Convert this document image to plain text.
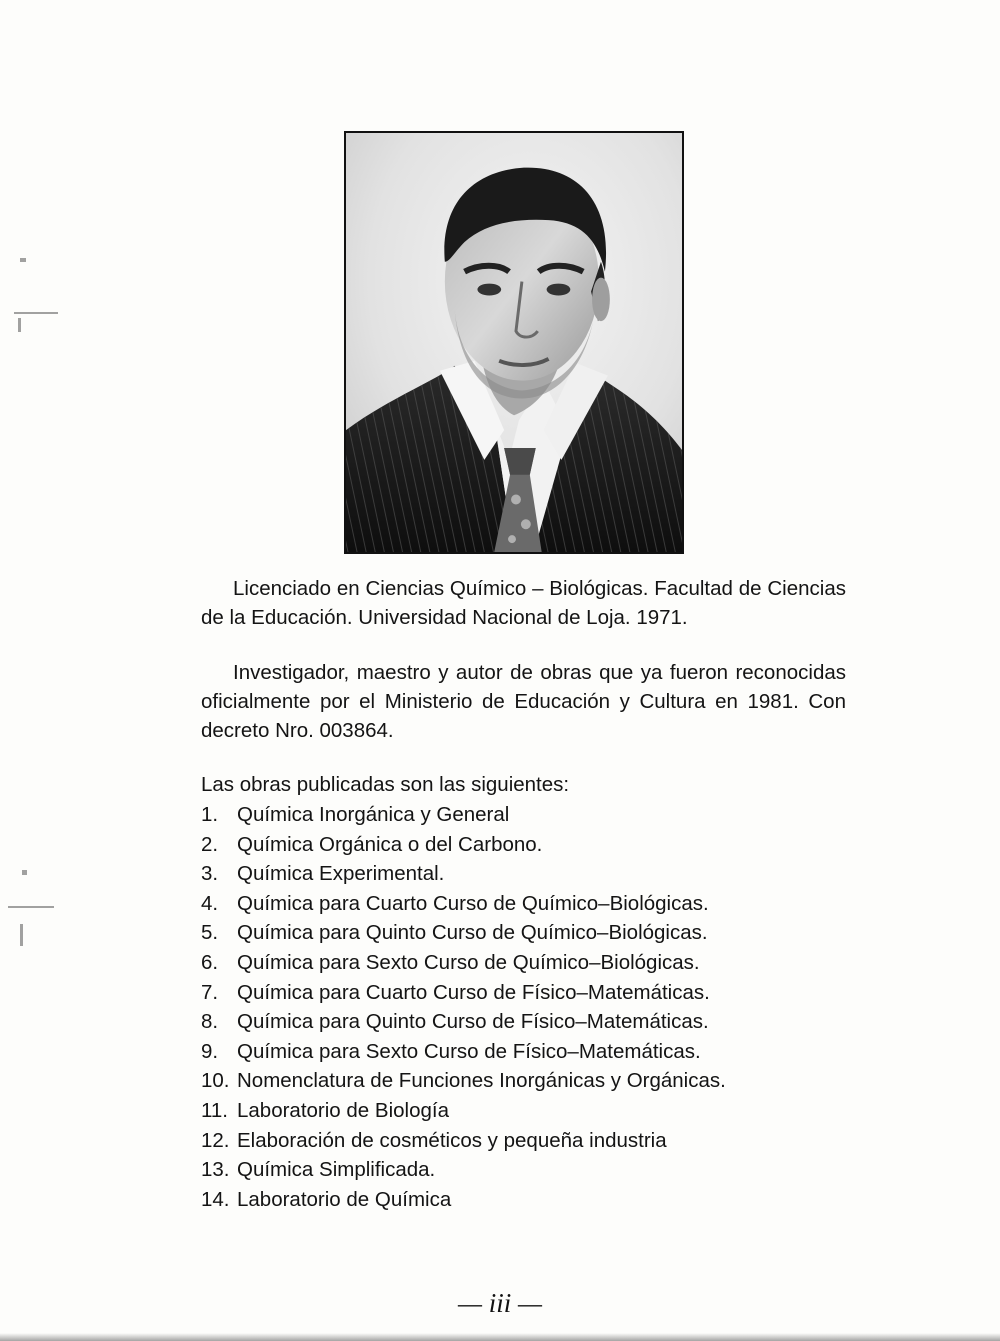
Licenciado en Ciencias Químico – Biológicas. Facultad de Ciencias de la Educación. Universidad Nacional de Loja. 1971.

Investigador, maestro y autor de obras que ya fueron reconocidas oficialmente por el Ministerio de Educación y Cultura en 1981. Con decreto Nro. 003864.

Las obras publicadas son las siguientes:

1. Química Inorgánica y General
2. Química Orgánica o del Carbono.
3. Química Experimental.
4. Química para Cuarto Curso de Químico–Biológicas.
5. Química para Quinto Curso de Químico–Biológicas.
6. Química para Sexto Curso de Químico–Biológicas.
7. Química para Cuarto Curso de Físico–Matemáticas.
8. Química para Quinto Curso de Físico–Matemáticas.
9. Química para Sexto Curso de Físico–Matemáticas.
10. Nomenclatura de Funciones Inorgánicas y Orgánicas.
11. Laboratorio de Biología
12. Elaboración de cosméticos y pequeña industria
13. Química Simplificada.
14. Laboratorio de Química
— iii —
